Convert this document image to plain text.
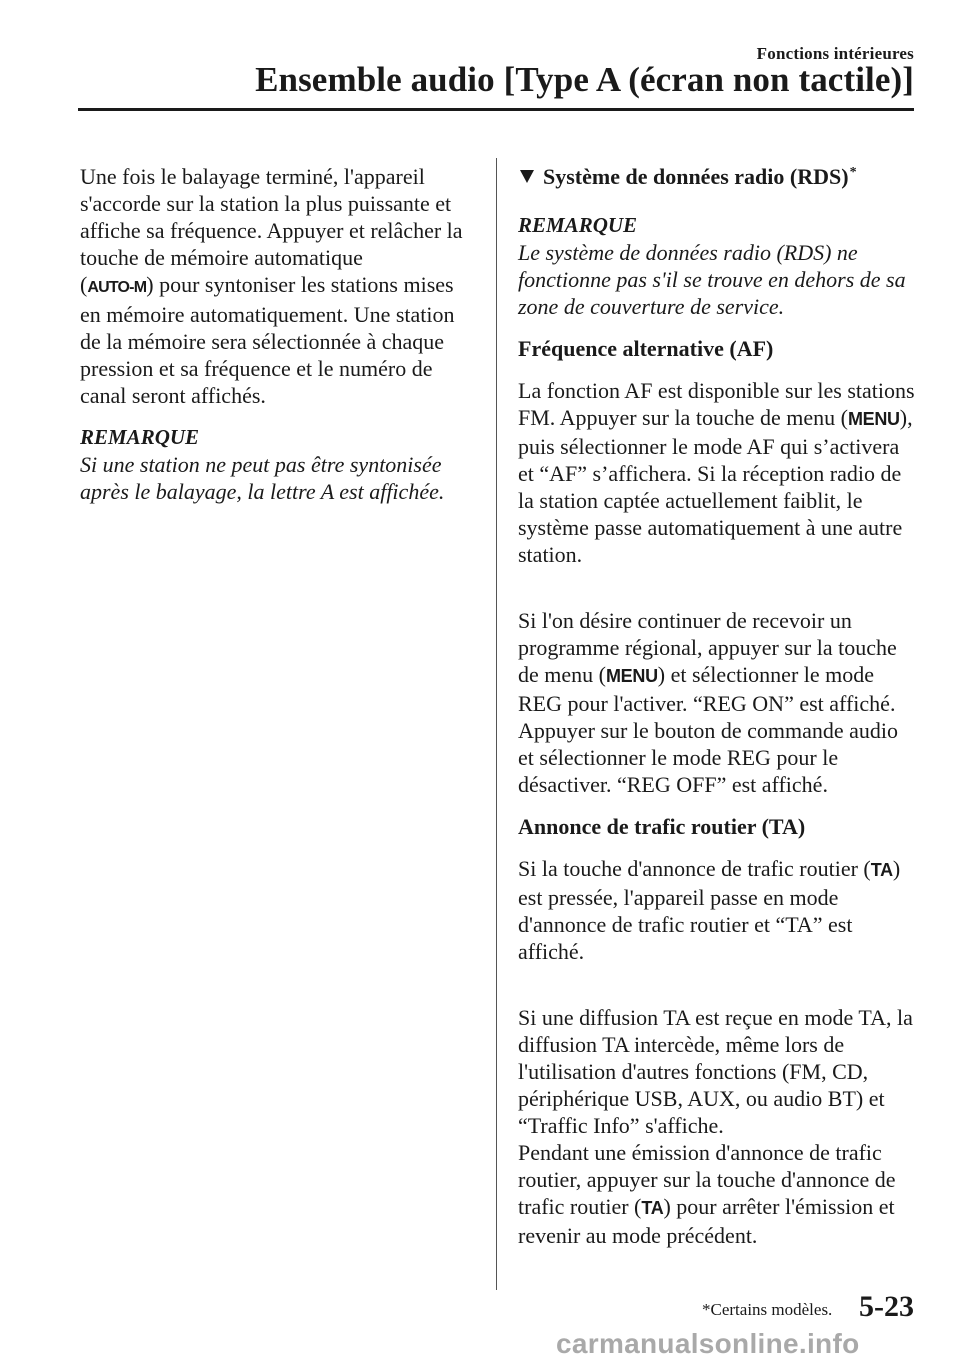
Fonctions intérieures
Ensemble audio [Type A (écran non tactile)]

Une fois le balayage terminé, l'appareil s'accorde sur la station la plus puissante et affiche sa fréquence. Appuyer et relâcher la touche de mémoire automatique
(AUTO-M) pour syntoniser les stations mises en mémoire automatiquement. Une station de la mémoire sera sélectionnée à chaque pression et sa fréquence et le numéro de canal seront affichés.

REMARQUE
Si une station ne peut pas être syntonisée après le balayage, la lettre A est affichée.
Système de données radio (RDS)*
REMARQUE

Le système de données radio (RDS) ne fonctionne pas s'il se trouve en dehors de sa zone de couverture de service.

Fréquence alternative (AF)

La fonction AF est disponible sur les stations FM. Appuyer sur la touche de menu (MENU), puis sélectionner le mode AF qui s’activera et “AF” s’affichera. Si la réception radio de la station captée actuellement faiblit, le système passe automatiquement à une autre station.

Si l'on désire continuer de recevoir un programme régional, appuyer sur la touche de menu (MENU) et sélectionner le mode REG pour l'activer. “REG ON” est affiché. Appuyer sur le bouton de commande audio et sélectionner le mode REG pour le désactiver. “REG OFF” est affiché.

Annonce de trafic routier (TA)

Si la touche d'annonce de trafic routier (TA) est pressée, l'appareil passe en mode d'annonce de trafic routier et “TA” est affiché.

Si une diffusion TA est reçue en mode TA, la diffusion TA intercède, même lors de l'utilisation d'autres fonctions (FM, CD, périphérique USB, AUX, ou audio BT) et “Traffic Info” s'affiche.
Pendant une émission d'annonce de trafic routier, appuyer sur la touche d'annonce de trafic routier (TA) pour arrêter l'émission et revenir au mode précédent.
*Certains modèles. 5-23
carmanualsonline.info
